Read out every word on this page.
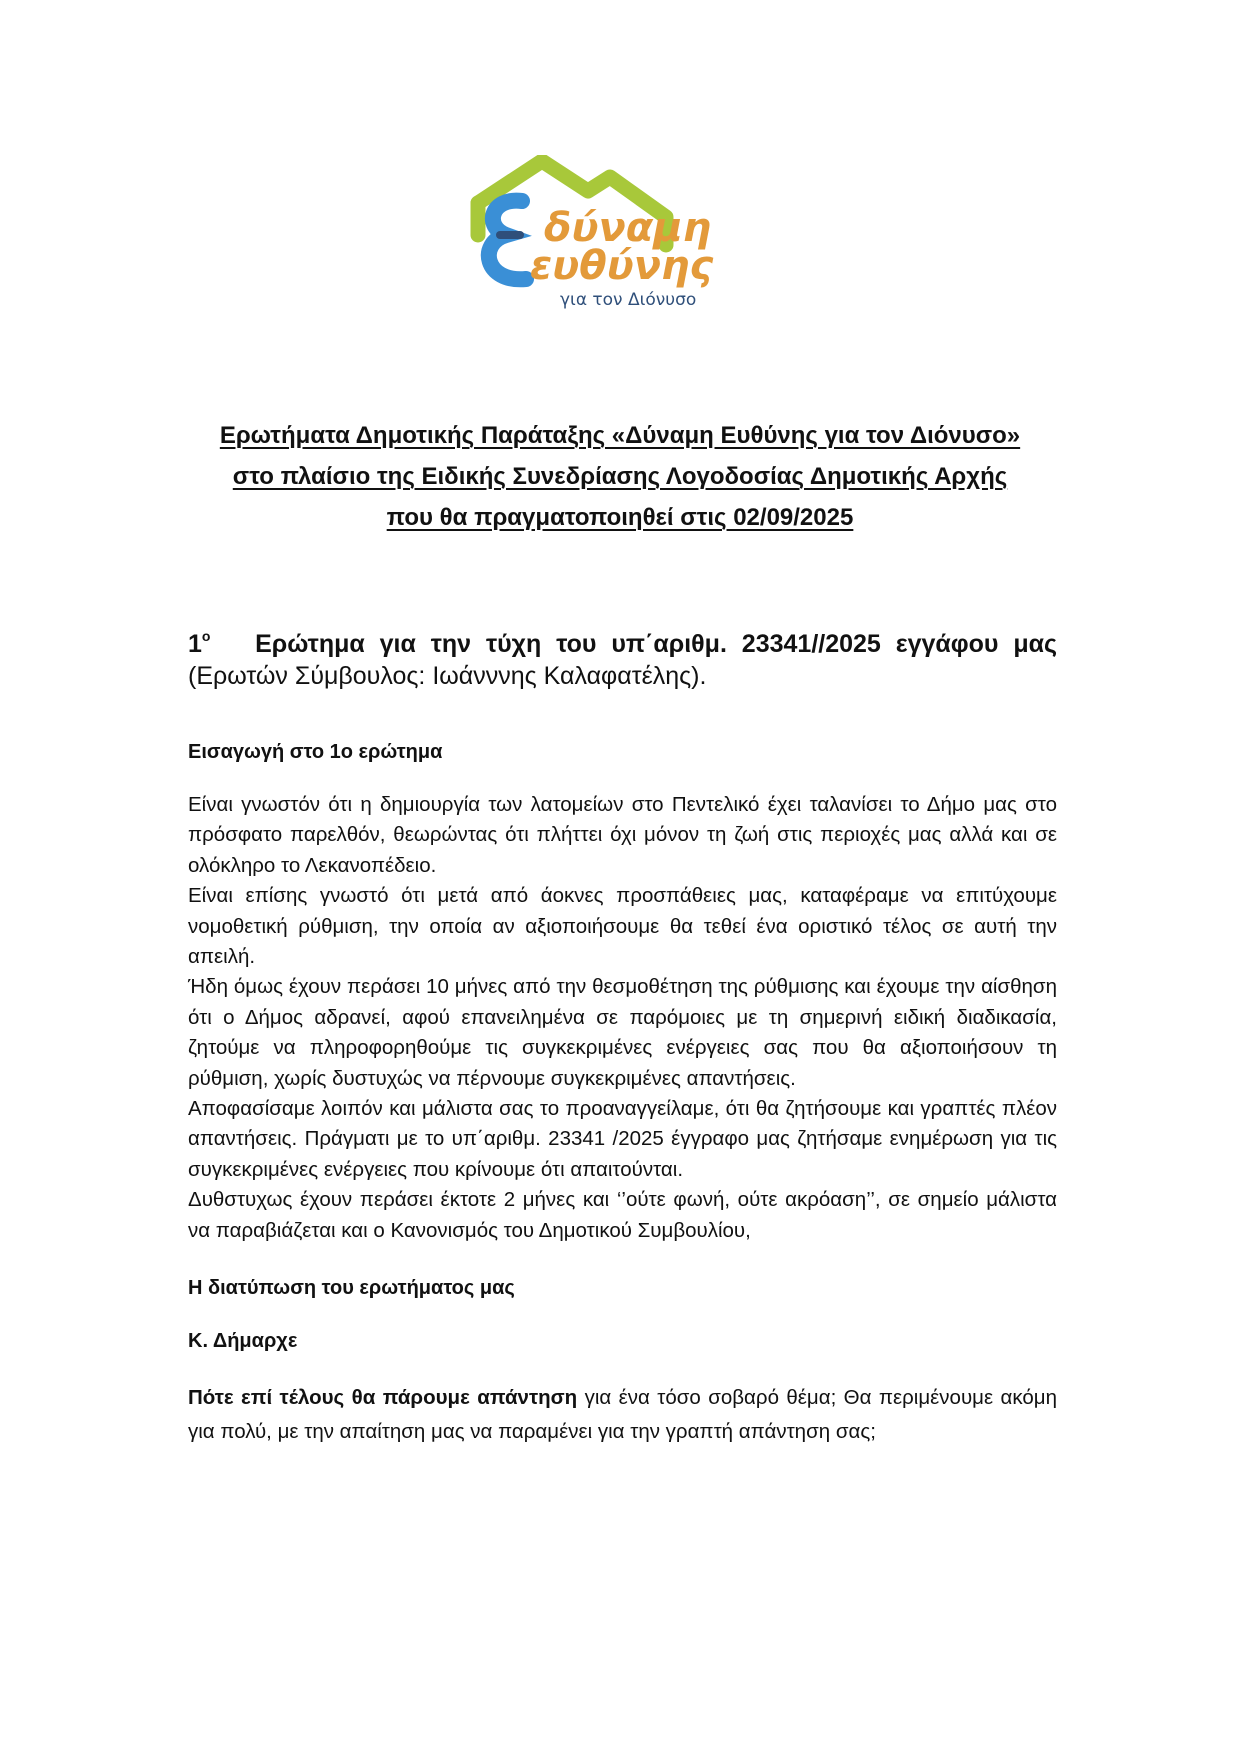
δύναμη
ευθύνης
για τον Διόνυσο
Ερωτήματα Δημοτικής Παράταξης «Δύναμη Ευθύνης για τον Διόνυσο»
στο πλαίσιο της Ειδικής Συνεδρίασης Λογοδοσίας Δημοτικής Αρχής
που θα πραγματοποιηθεί στις 02/09/2025

$1^o$ Ερώτημα για την τύχη του υπ΄αριθμ. 23341//2025 εγγάφου μας (Ερωτών Σύμβουλος: Ιωάνννης Καλαφατέλης).

Εισαγωγή στο 1ο ερώτημα

Είναι γνωστόν ότι η δημιουργία των λατομείων στο Πεντελικό έχει ταλανίσει το Δήμο μας στο πρόσφατο παρελθόν, θεωρώντας ότι πλήττει όχι μόνον τη ζωή στις περιοχές μας αλλά και σε ολόκληρο το Λεκανοπέδειο.

Είναι επίσης γνωστό ότι μετά από άοκνες προσπάθειες μας, καταφέραμε να επιτύχουμε νομοθετική ρύθμιση, την οποία αν αξιοποιήσουμε θα τεθεί ένα οριστικό τέλος σε αυτή την απειλή.

Ήδη όμως έχουν περάσει 10 μήνες από την θεσμοθέτηση της ρύθμισης και έχουμε την αίσθηση ότι ο Δήμος αδρανεί, αφού επανειλημένα σε παρόμοιες με τη σημερινή ειδική διαδικασία, ζητούμε να πληροφορηθούμε τις συγκεκριμένες ενέργειες σας που θα αξιοποιήσουν τη ρύθμιση, χωρίς δυστυχώς να πέρνουμε συγκεκριμένες απαντήσεις.

Αποφασίσαμε λοιπόν και μάλιστα σας το προαναγγείλαμε, ότι θα ζητήσουμε και γραπτές πλέον απαντήσεις. Πράγματι με το υπ΄αριθμ. 23341 /2025 έγγραφο μας ζητήσαμε ενημέρωση για τις συγκεκριμένες ενέργειες που κρίνουμε ότι απαιτούνται.

Δυθστυχως έχουν περάσει έκτοτε 2 μήνες και ‘’ούτε φωνή, ούτε ακρόαση’’, σε σημείο μάλιστα να παραβιάζεται και ο Κανονισμός του Δημοτικού Συμβουλίου,

Η διατύπωση του ερωτήματος μας

Κ. Δήμαρχε

Πότε επί τέλους θα πάρουμε απάντηση για ένα τόσο σοβαρό θέμα; Θα περιμένουμε ακόμη για πολύ, με την απαίτηση μας να παραμένει για την γραπτή απάντηση σας;
